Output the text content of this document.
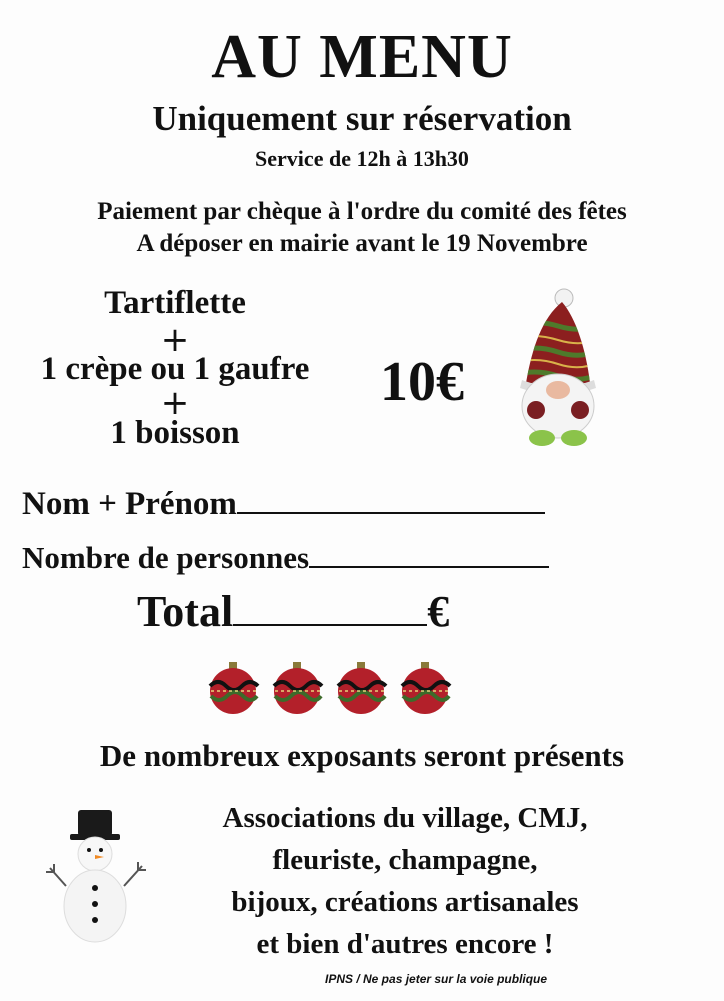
AU MENU
Uniquement sur réservation
Service de 12h à 13h30
Paiement par chèque à l'ordre du comité des fêtes
A déposer en mairie avant le 19 Novembre
Tartiflette
+
1 crèpe ou 1 gaufre
+
1 boisson
10€
Nom + Prénom
Nombre de personnes
Total	€
De nombreux exposants seront présents
Associations du village, CMJ,
fleuriste, champagne,
bijoux, créations artisanales
et bien d'autres encore !
IPNS / Ne pas jeter sur la voie publique
